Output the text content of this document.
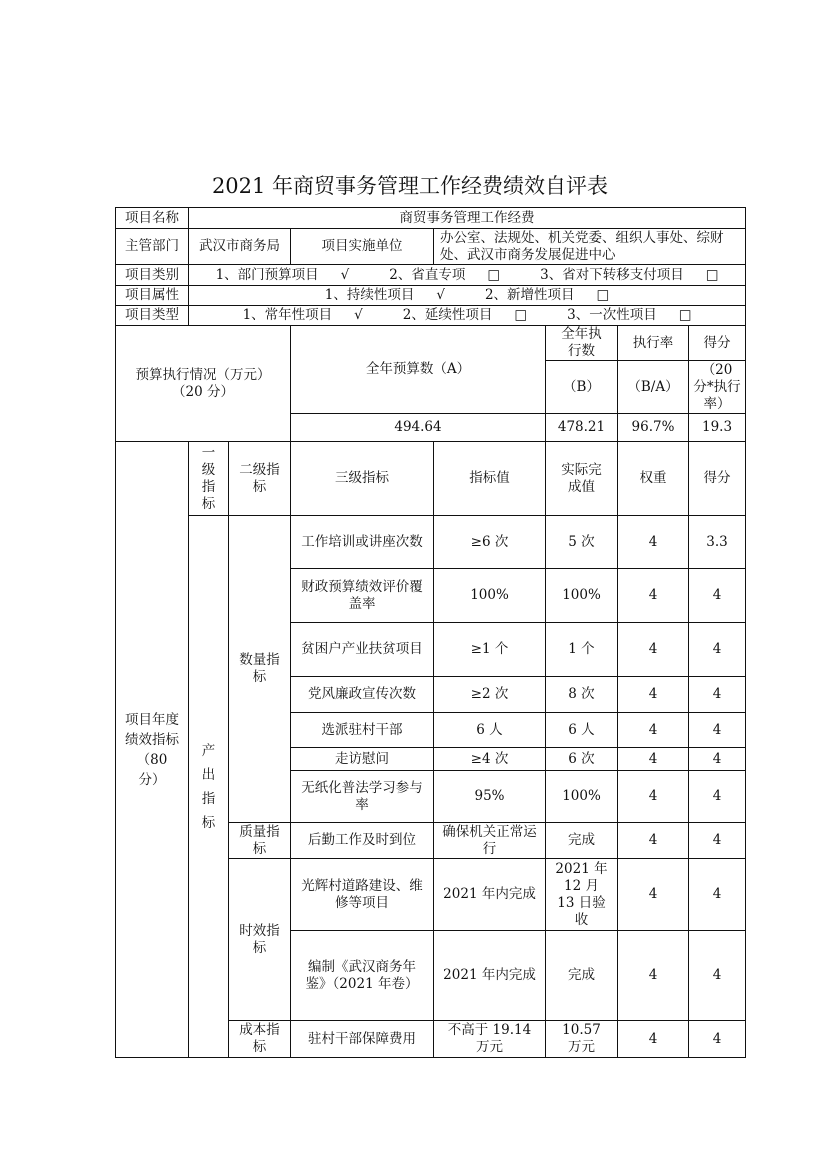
2021 年商贸事务管理工作经费绩效自评表
项目名称	商贸事务管理工作经费						
主管部门	武汉市商务局		项目实施单位	办公室、法规处、机关党委、组织人事处、综财处、武汉市商务发展促进中心			
项目类别	1、部门预算项目 √ 2、省直专项 □ 3、省对下转移支付项目 □						

项目属性	1、持续性项目 √ 2、新增性项目 □						

项目类型	1、常年性项目 √ 2、延续性项目 □ 3、一次性项目 □						

预算执行情况（万元）
（20 分）			全年预算数（A）		全年执行数	执行率	得分
					（B）	（B/A）	（20 分*执行率）
			494.64		478.21	96.7%	19.3
项目年度绩效指标（80 分）	一级指标	二级指标	三级指标	指标值	实际完成值	权重	得分
	产出指标	数量指标	工作培训或讲座次数	≥6 次	5 次	4	3.3
			财政预算绩效评价覆盖率	100%	100%	4	4
			贫困户产业扶贫项目	≥1 个	1 个	4	4
			党风廉政宣传次数	≥2 次	8 次	4	4
			选派驻村干部	6 人	6 人	4	4
			走访慰问	≥4 次	6 次	4	4
			无纸化普法学习参与率	95%	100%	4	4
		质量指标	后勤工作及时到位	确保机关正常运行	完成	4	4
		时效指标	光辉村道路建设、维修等项目	2021 年内完成	2021 年 12 月 13 日验收	4	4
			编制《武汉商务年鉴》（2021 年卷）	2021 年内完成	完成	4	4
		成本指标	驻村干部保障费用	不高于 19.14 万元	10.57 万元	4	4
